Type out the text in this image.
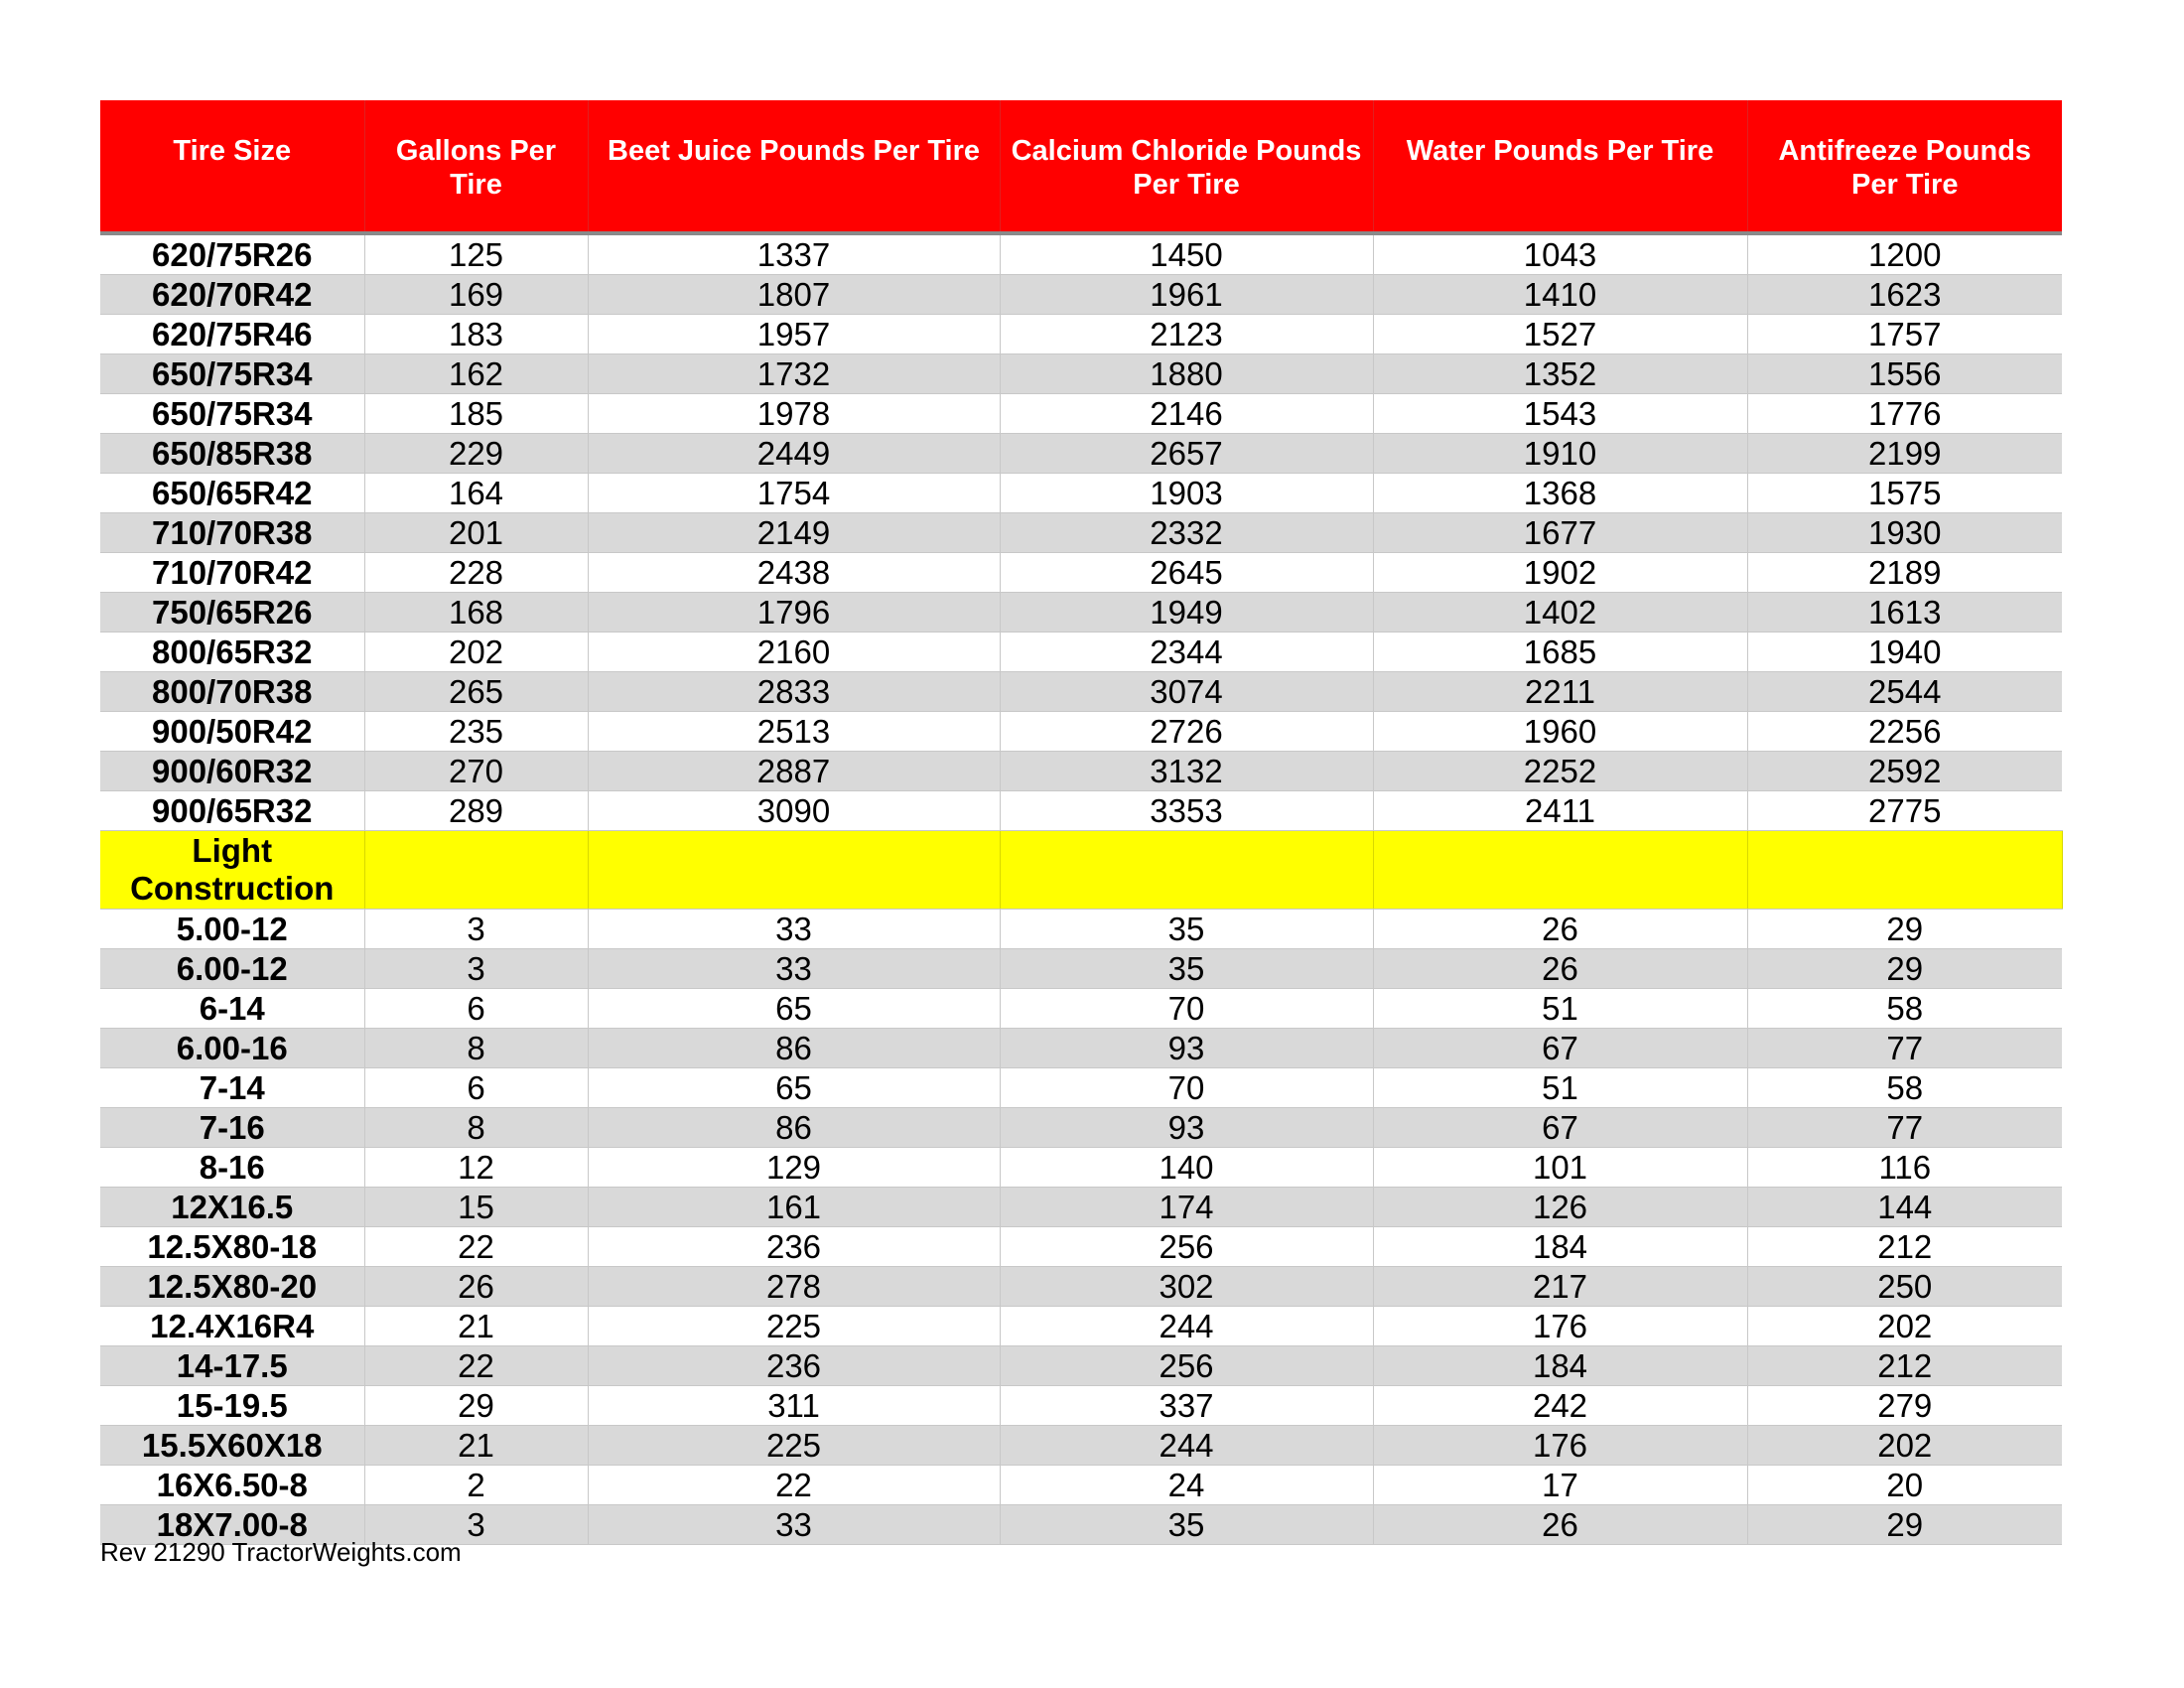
Tire Size	Gallons Per Tire	Beet Juice Pounds Per Tire	Calcium Chloride Pounds Per Tire	Water Pounds Per Tire	Antifreeze Pounds Per Tire
620/75R26	125	1337	1450	1043	1200
620/70R42	169	1807	1961	1410	1623
620/75R46	183	1957	2123	1527	1757
650/75R34	162	1732	1880	1352	1556
650/75R34	185	1978	2146	1543	1776
650/85R38	229	2449	2657	1910	2199
650/65R42	164	1754	1903	1368	1575
710/70R38	201	2149	2332	1677	1930
710/70R42	228	2438	2645	1902	2189
750/65R26	168	1796	1949	1402	1613
800/65R32	202	2160	2344	1685	1940
800/70R38	265	2833	3074	2211	2544
900/50R42	235	2513	2726	1960	2256
900/60R32	270	2887	3132	2252	2592
900/65R32	289	3090	3353	2411	2775
Light Construction					
5.00-12	3	33	35	26	29
6.00-12	3	33	35	26	29
6-14	6	65	70	51	58
6.00-16	8	86	93	67	77
7-14	6	65	70	51	58
7-16	8	86	93	67	77
8-16	12	129	140	101	116
12X16.5	15	161	174	126	144
12.5X80-18	22	236	256	184	212
12.5X80-20	26	278	302	217	250
12.4X16R4	21	225	244	176	202
14-17.5	22	236	256	184	212
15-19.5	29	311	337	242	279
15.5X60X18	21	225	244	176	202
16X6.50-8	2	22	24	17	20
18X7.00-8	3	33	35	26	29
Rev 21290 TractorWeights.com
